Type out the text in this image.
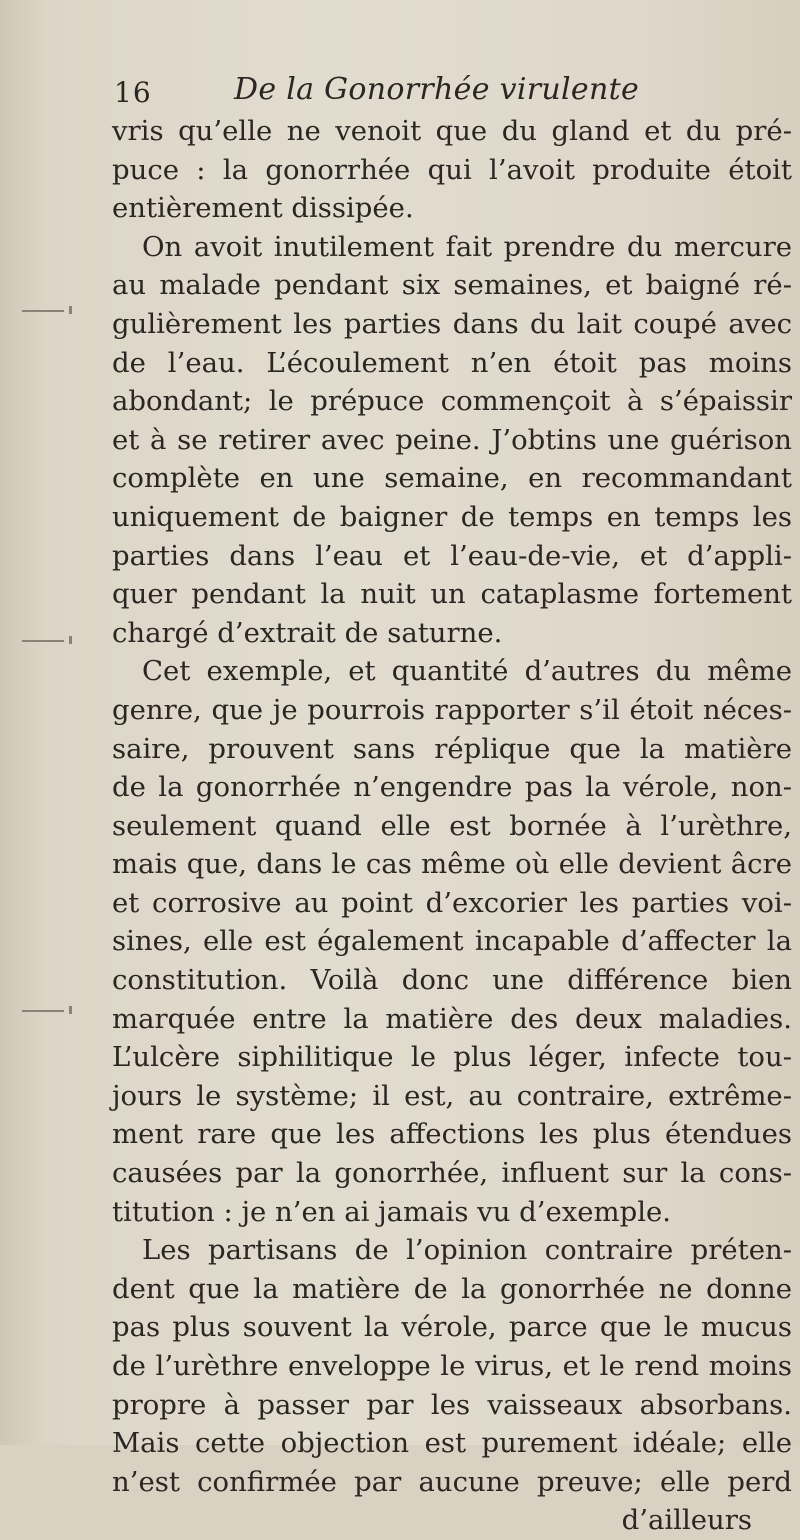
16	De la Gonorrhée virulente
vris qu’elle ne venoit que du gland et du pré-
puce : la gonorrhée qui l’avoit produite étoit
entièrement dissipée.
On avoit inutilement fait prendre du mercure
au malade pendant six semaines, et baigné ré-
gulièrement les parties dans du lait coupé avec
de l’eau. L’écoulement n’en étoit pas moins
abondant; le prépuce commençoit à s’épaissir
et à se retirer avec peine. J’obtins une guérison
complète en une semaine, en recommandant
uniquement de baigner de temps en temps les
parties dans l’eau et l’eau-de-vie, et d’appli-
quer pendant la nuit un cataplasme fortement
chargé d’extrait de saturne.
Cet exemple, et quantité d’autres du même
genre, que je pourrois rapporter s’il étoit néces-
saire, prouvent sans réplique que la matière
de la gonorrhée n’engendre pas la vérole, non-
seulement quand elle est bornée à l’urèthre,
mais que, dans le cas même où elle devient âcre
et corrosive au point d’excorier les parties voi-
sines, elle est également incapable d’affecter la
constitution. Voilà donc une différence bien
marquée entre la matière des deux maladies.
L’ulcère siphilitique le plus léger, infecte tou-
jours le système; il est, au contraire, extrême-
ment rare que les affections les plus étendues
causées par la gonorrhée, influent sur la cons-
titution : je n’en ai jamais vu d’exemple.
Les partisans de l’opinion contraire préten-
dent que la matière de la gonorrhée ne donne
pas plus souvent la vérole, parce que le mucus
de l’urèthre enveloppe le virus, et le rend moins
propre à passer par les vaisseaux absorbans.
Mais cette objection est purement idéale; elle
n’est confirmée par aucune preuve; elle perd
d’ailleurs
